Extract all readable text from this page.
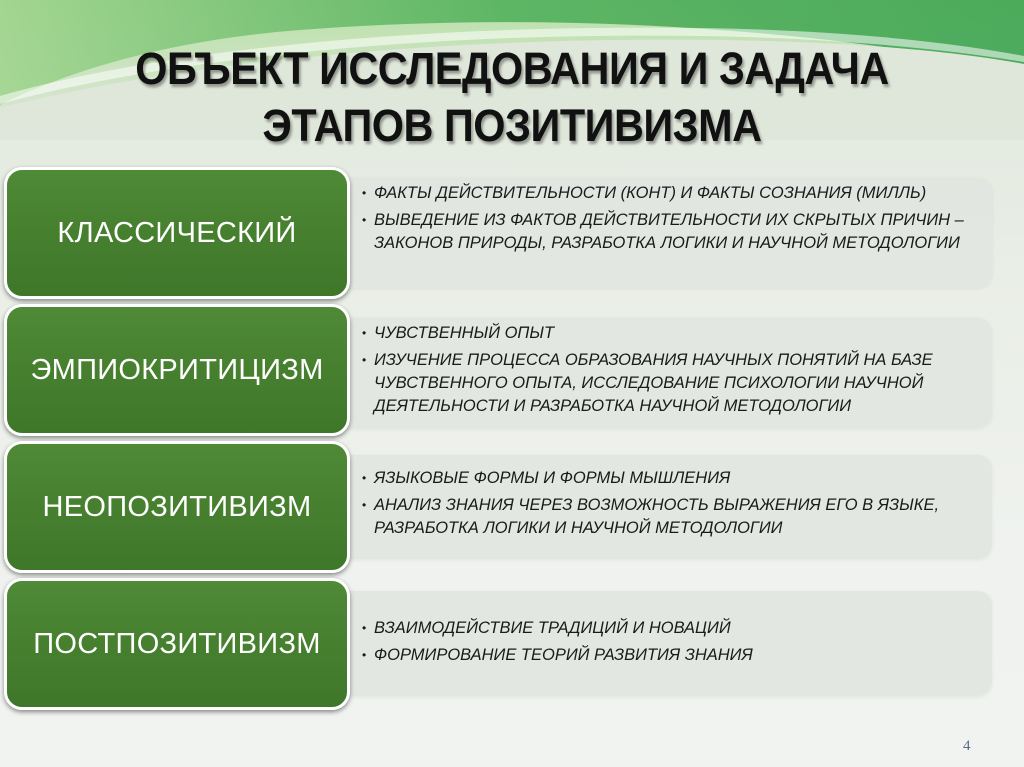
ОБЪЕКТ ИССЛЕДОВАНИЯ И ЗАДАЧА
ЭТАПОВ ПОЗИТИВИЗМА
• ФАКТЫ ДЕЙСТВИТЕЛЬНОСТИ (КОНТ) И ФАКТЫ СОЗНАНИЯ (МИЛЛЬ)
• ВЫВЕДЕНИЕ ИЗ ФАКТОВ ДЕЙСТВИТЕЛЬНОСТИ ИХ СКРЫТЫХ ПРИЧИН – ЗАКОНОВ ПРИРОДЫ, РАЗРАБОТКА ЛОГИКИ И НАУЧНОЙ МЕТОДОЛОГИИ
КЛАССИЧЕСКИЙ
• ЧУВСТВЕННЫЙ ОПЫТ
• ИЗУЧЕНИЕ ПРОЦЕССА ОБРАЗОВАНИЯ НАУЧНЫХ ПОНЯТИЙ НА БАЗЕ ЧУВСТВЕННОГО ОПЫТА, ИССЛЕДОВАНИЕ ПСИХОЛОГИИ НАУЧНОЙ ДЕЯТЕЛЬНОСТИ И РАЗРАБОТКА НАУЧНОЙ МЕТОДОЛОГИИ
ЭМПИОКРИТИЦИЗМ
• ЯЗЫКОВЫЕ ФОРМЫ И ФОРМЫ МЫШЛЕНИЯ
• АНАЛИЗ ЗНАНИЯ ЧЕРЕЗ ВОЗМОЖНОСТЬ ВЫРАЖЕНИЯ ЕГО В ЯЗЫКЕ, РАЗРАБОТКА ЛОГИКИ И НАУЧНОЙ МЕТОДОЛОГИИ
НЕОПОЗИТИВИЗМ
• ВЗАИМОДЕЙСТВИЕ ТРАДИЦИЙ И НОВАЦИЙ
• ФОРМИРОВАНИЕ ТЕОРИЙ РАЗВИТИЯ ЗНАНИЯ
ПОСТПОЗИТИВИЗМ
4
